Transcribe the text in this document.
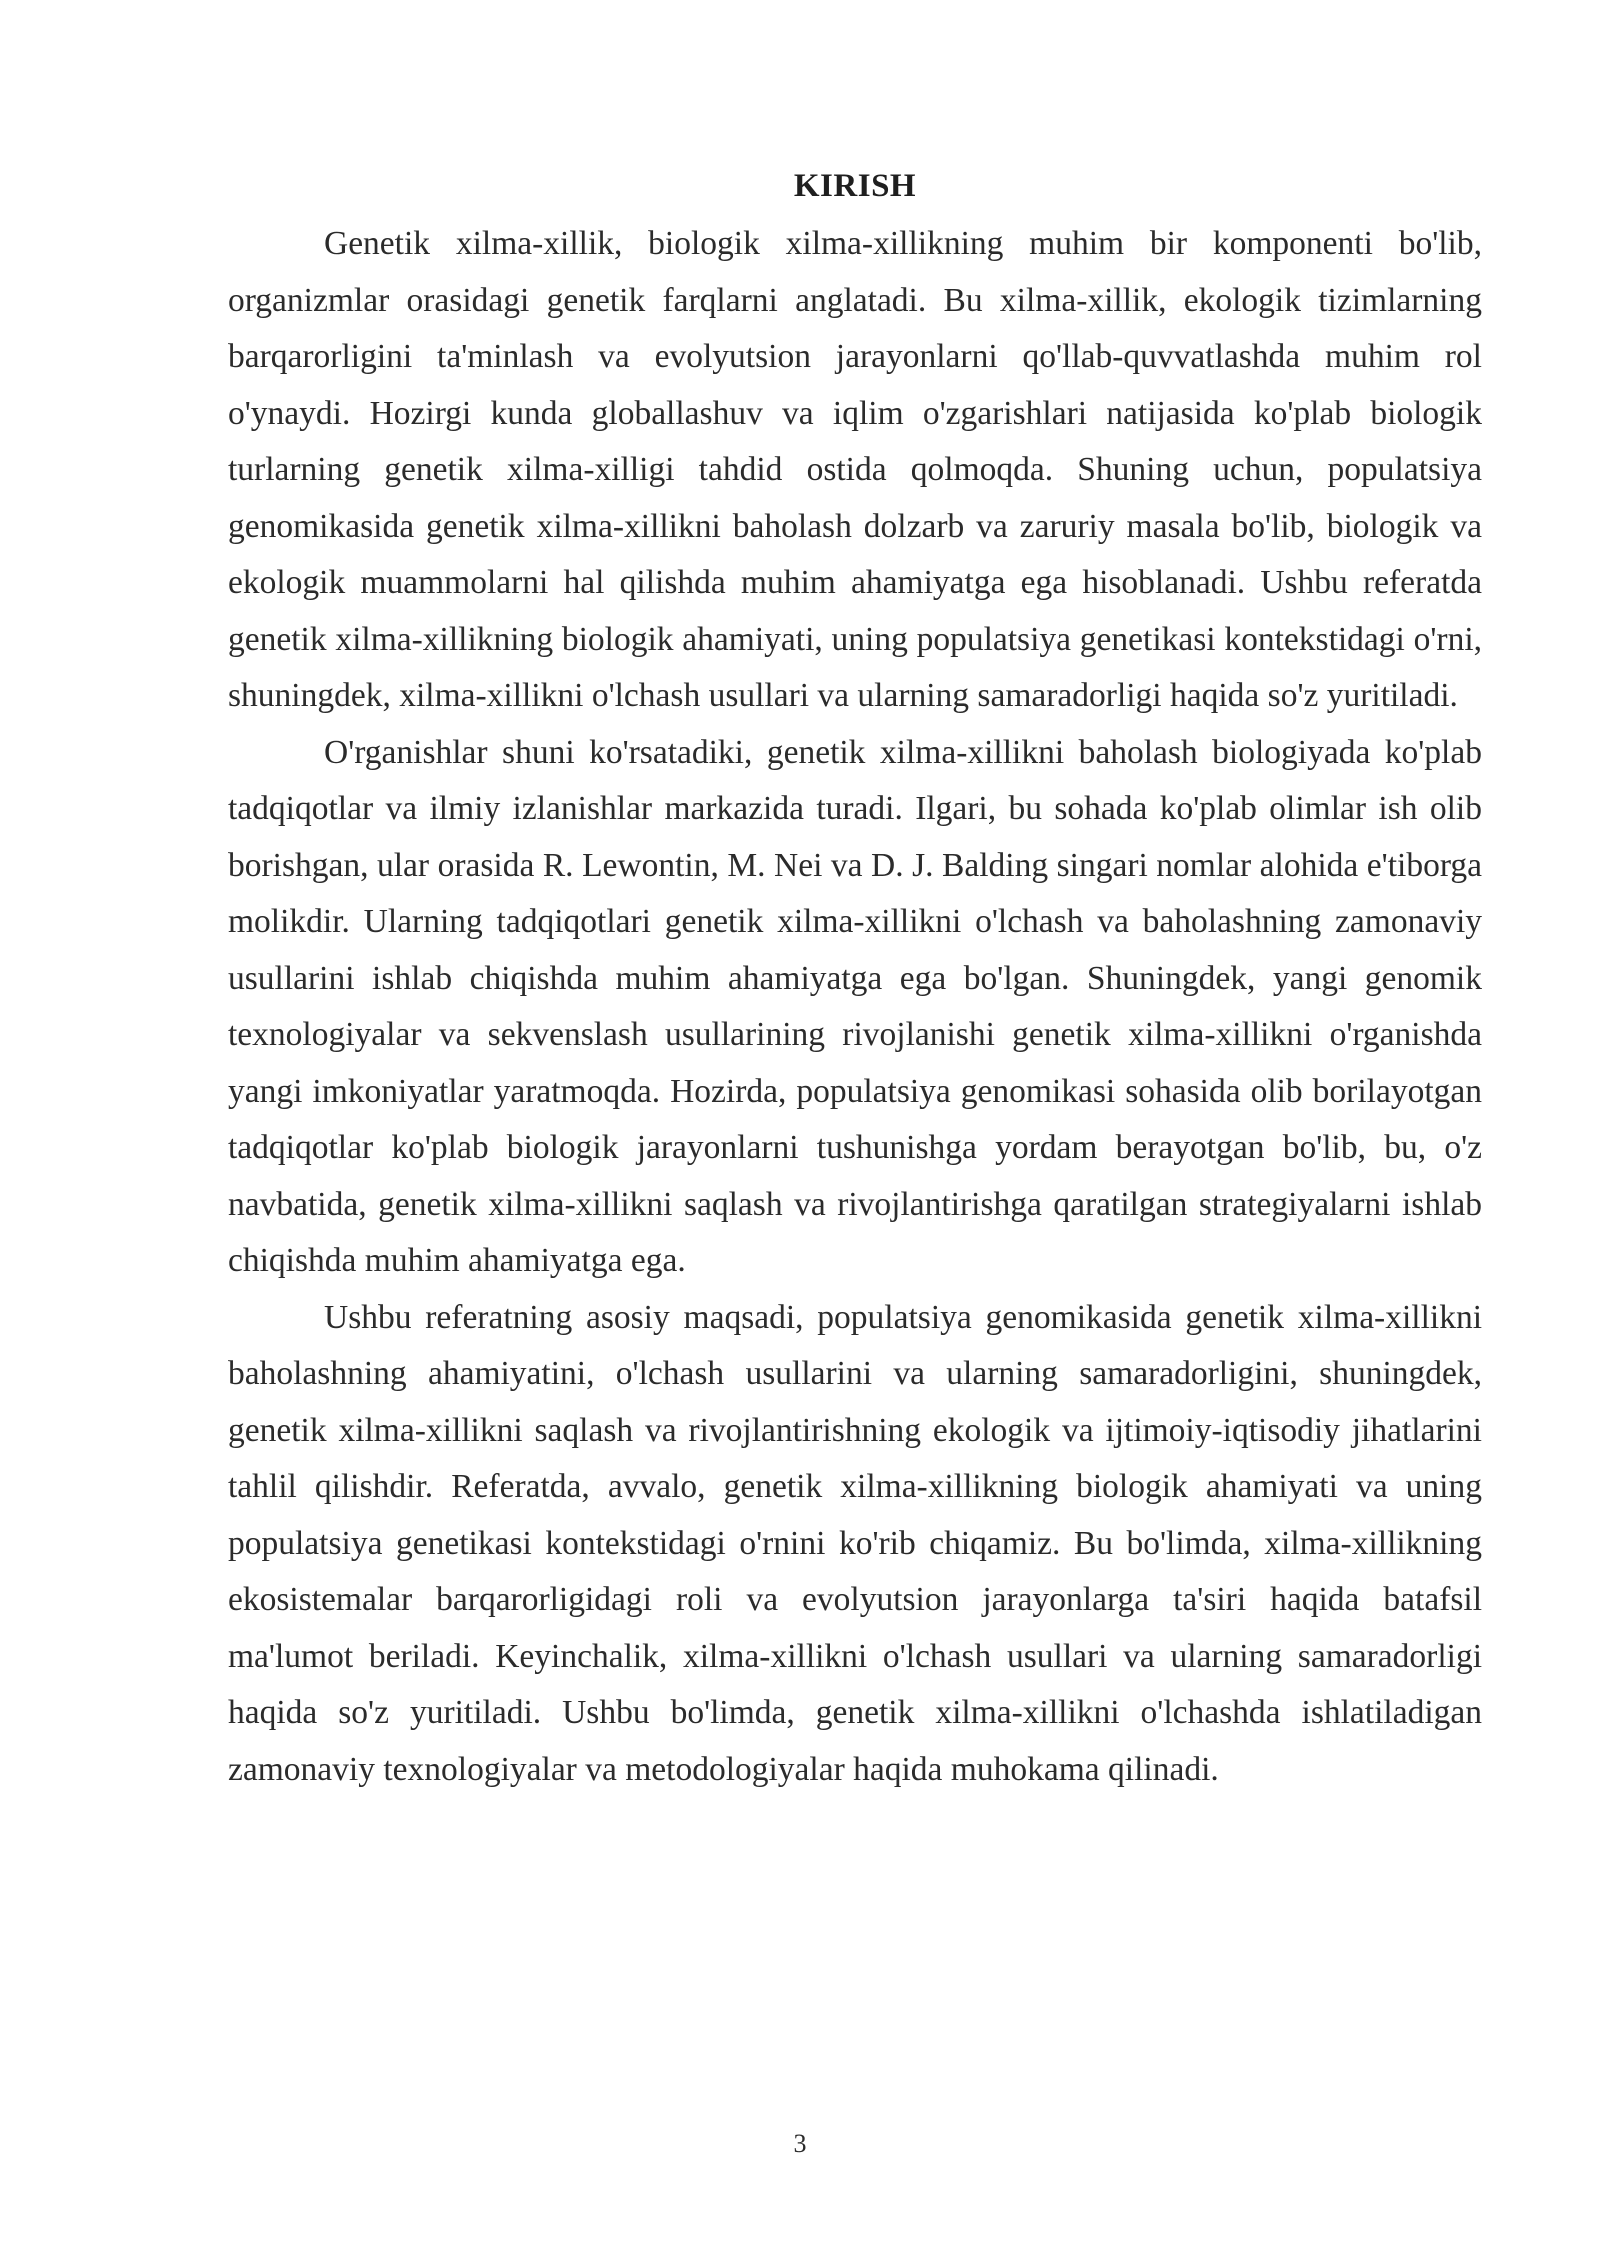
KIRISH

Genetik xilma-xillik, biologik xilma-xillikning muhim bir komponenti bo'lib, organizmlar orasidagi genetik farqlarni anglatadi. Bu xilma-xillik, ekologik tizimlarning barqarorligini ta'minlash va evolyutsion jarayonlarni qo'llab-quvvatlashda muhim rol o'ynaydi. Hozirgi kunda globallashuv va iqlim o'zgarishlari natijasida ko'plab biologik turlarning genetik xilma-xilligi tahdid ostida qolmoqda. Shuning uchun, populatsiya genomikasida genetik xilma-xillikni baholash dolzarb va zaruriy masala bo'lib, biologik va ekologik muammolarni hal qilishda muhim ahamiyatga ega hisoblanadi. Ushbu referatda genetik xilma-xillikning biologik ahamiyati, uning populatsiya genetikasi kontekstidagi o'rni, shuningdek, xilma-xillikni o'lchash usullari va ularning samaradorligi haqida so'z yuritiladi.

O'rganishlar shuni ko'rsatadiki, genetik xilma-xillikni baholash biologiyada ko'plab tadqiqotlar va ilmiy izlanishlar markazida turadi. Ilgari, bu sohada ko'plab olimlar ish olib borishgan, ular orasida R. Lewontin, M. Nei va D. J. Balding singari nomlar alohida e'tiborga molikdir. Ularning tadqiqotlari genetik xilma-xillikni o'lchash va baholashning zamonaviy usullarini ishlab chiqishda muhim ahamiyatga ega bo'lgan. Shuningdek, yangi genomik texnologiyalar va sekvenslash usullarining rivojlanishi genetik xilma-xillikni o'rganishda yangi imkoniyatlar yaratmoqda. Hozirda, populatsiya genomikasi sohasida olib borilayotgan tadqiqotlar ko'plab biologik jarayonlarni tushunishga yordam berayotgan bo'lib, bu, o'z navbatida, genetik xilma-xillikni saqlash va rivojlantirishga qaratilgan strategiyalarni ishlab chiqishda muhim ahamiyatga ega.

Ushbu referatning asosiy maqsadi, populatsiya genomikasida genetik xilma-xillikni baholashning ahamiyatini, o'lchash usullarini va ularning samaradorligini, shuningdek, genetik xilma-xillikni saqlash va rivojlantirishning ekologik va ijtimoiy-iqtisodiy jihatlarini tahlil qilishdir. Referatda, avvalo, genetik xilma-xillikning biologik ahamiyati va uning populatsiya genetikasi kontekstidagi o'rnini ko'rib chiqamiz. Bu bo'limda, xilma-xillikning ekosistemalar barqarorligidagi roli va evolyutsion jarayonlarga ta'siri haqida batafsil ma'lumot beriladi. Keyinchalik, xilma-xillikni o'lchash usullari va ularning samaradorligi haqida so'z yuritiladi. Ushbu bo'limda, genetik xilma-xillikni o'lchashda ishlatiladigan zamonaviy texnologiyalar va metodologiyalar haqida muhokama qilinadi.

3
